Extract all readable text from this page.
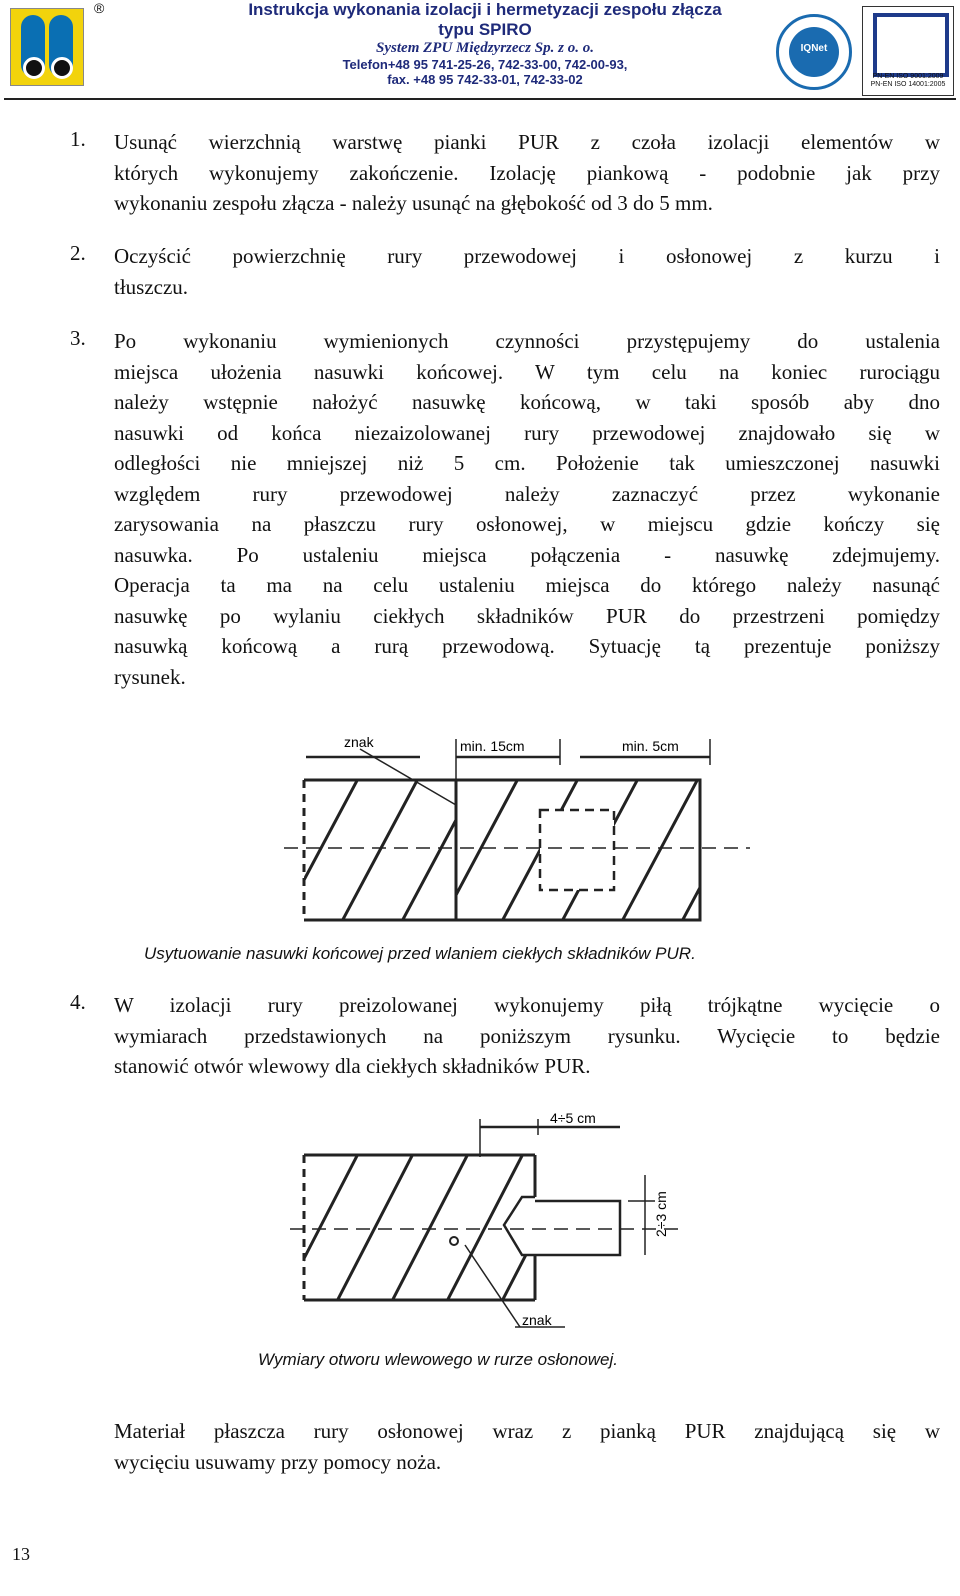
®	Instrukcja wykonania izolacji i hermetyzacji zespołu złącza
typu SPIRO
System ZPU Międzyrzecz Sp. z o. o.
Telefon+48 95 741-25-26, 742-33-00, 742-00-93,
fax. +48 95 742-33-01, 742-33-02
IQNet
PN-EN ISO 9001:2009
PN-EN ISO 14001:2005
1. Usunąć wierzchnią warstwę pianki PUR z czoła izolacji elementów w
których wykonujemy zakończenie. Izolację piankową - podobnie jak przy
wykonaniu zespołu złącza - należy usunąć na głębokość od 3 do 5 mm.
2. Oczyścić powierzchnię rury przewodowej i osłonowej z kurzu i
tłuszczu.
3. Po wykonaniu wymienionych czynności przystępujemy do ustalenia
miejsca ułożenia nasuwki końcowej. W tym celu na koniec rurociągu
należy wstępnie nałożyć nasuwkę końcową, w taki sposób aby dno
nasuwki od końca niezaizolowanej rury przewodowej znajdowało się w
odległości nie mniejszej niż 5 cm. Położenie tak umieszczonej nasuwki
względem rury przewodowej należy zaznaczyć przez wykonanie
zarysowania na płaszczu rury osłonowej, w miejscu gdzie kończy się
nasuwka. Po ustaleniu miejsca połączenia - nasuwkę zdejmujemy.
Operacja ta ma na celu ustaleniu miejsca do którego należy nasunąć
nasuwkę po wylaniu ciekłych składników PUR do przestrzeni pomiędzy
nasuwką końcową a rurą przewodową. Sytuację tą prezentuje poniższy
rysunek.
znak	min. 15cm	min. 5cm
Usytuowanie nasuwki końcowej przed wlaniem ciekłych składników PUR.
4. W izolacji rury preizolowanej wykonujemy piłą trójkątne wycięcie o
wymiarach przedstawionych na poniższym rysunku. Wycięcie to będzie
stanowić otwór wlewowy dla ciekłych składników PUR.
4÷5 cm
2÷3 cm
znak
Wymiary otworu wlewowego w rurze osłonowej.
Materiał płaszcza rury osłonowej wraz z pianką PUR znajdującą się w
wycięciu usuwamy przy pomocy noża.
13
